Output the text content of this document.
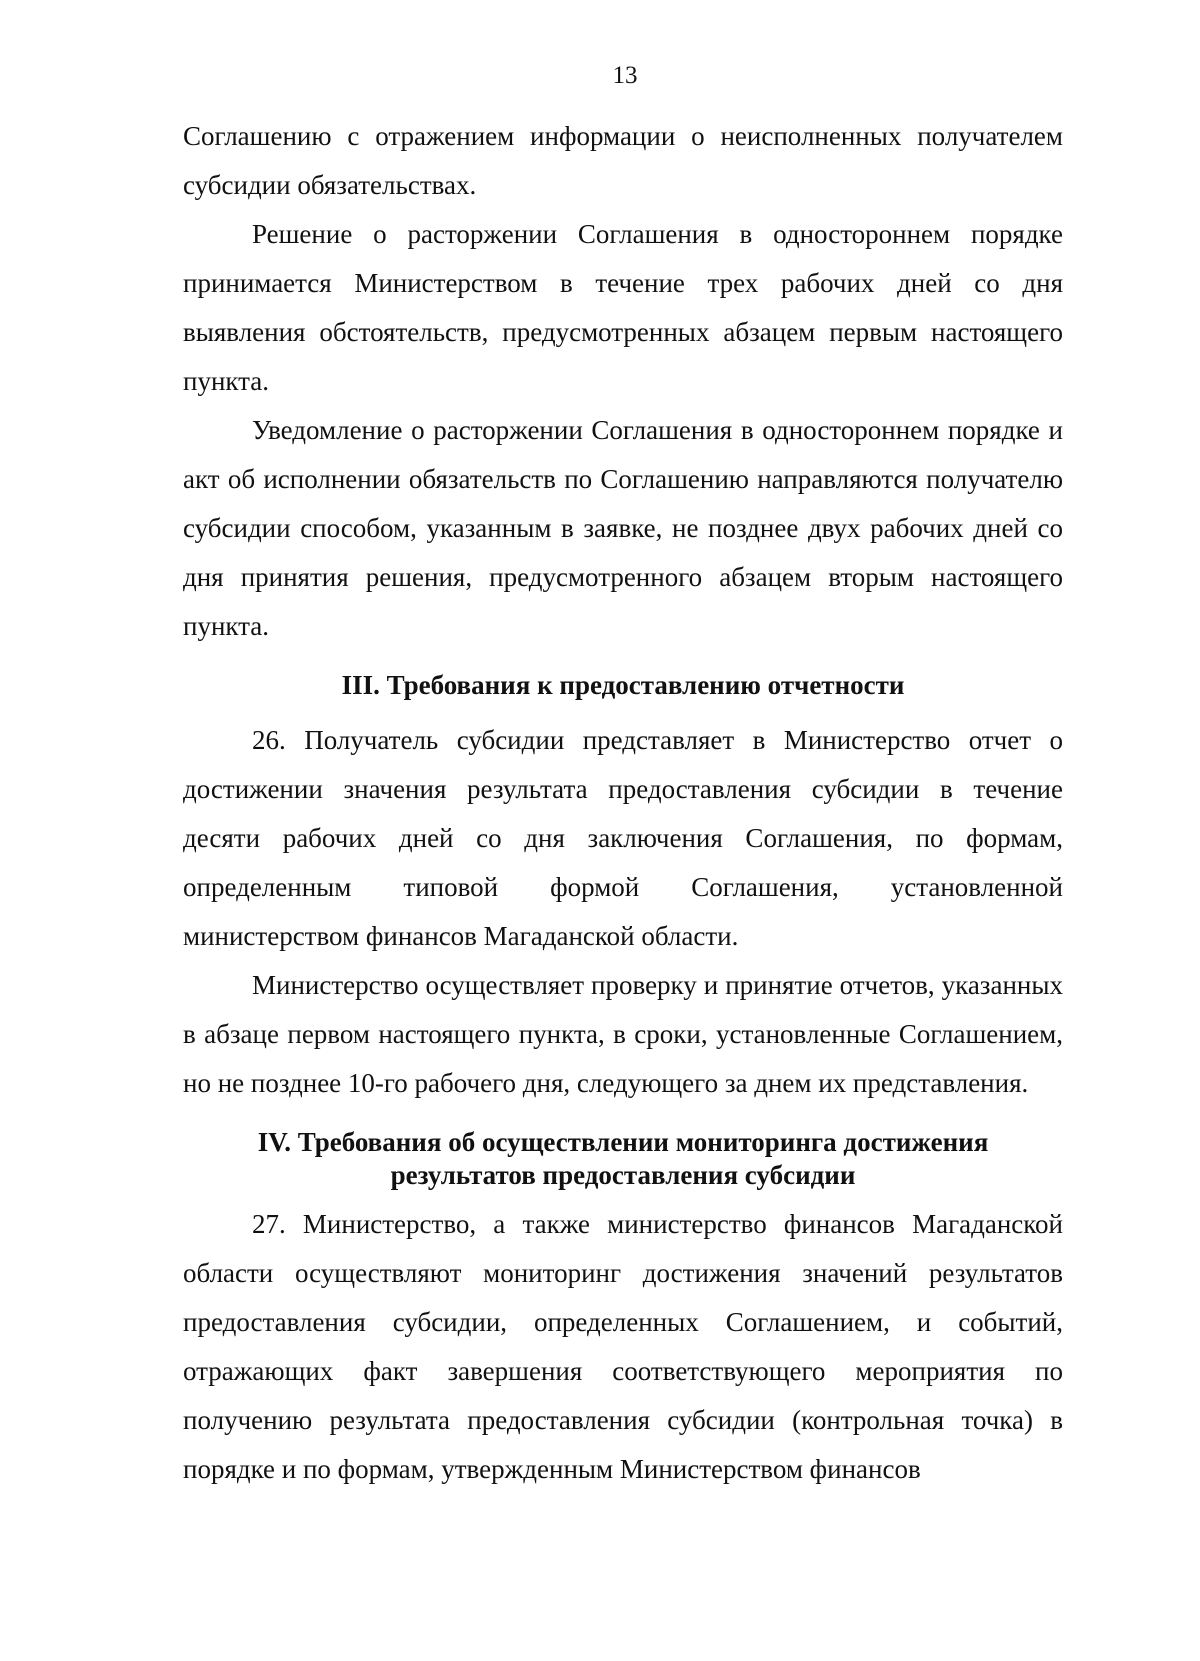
13

Соглашению с отражением информации о неисполненных получателем субсидии обязательствах.

Решение о расторжении Соглашения в одностороннем порядке принимается Министерством в течение трех рабочих дней со дня выявления обстоятельств, предусмотренных абзацем первым настоящего пункта.

Уведомление о расторжении Соглашения в одностороннем порядке и акт об исполнении обязательств по Соглашению направляются получателю субсидии способом, указанным в заявке, не позднее двух рабочих дней со дня принятия решения, предусмотренного абзацем вторым настоящего пункта.

III. Требования к предоставлению отчетности

26. Получатель субсидии представляет в Министерство отчет о достижении значения результата предоставления субсидии в течение десяти рабочих дней со дня заключения Соглашения, по формам, определенным типовой формой Соглашения, установленной министерством финансов Магаданской области.

Министерство осуществляет проверку и принятие отчетов, указанных в абзаце первом настоящего пункта, в сроки, установленные Соглашением, но не позднее 10-го рабочего дня, следующего за днем их представления.

IV. Требования об осуществлении мониторинга достижения
результатов предоставления субсидии

27. Министерство, а также министерство финансов Магаданской области осуществляют мониторинг достижения значений результатов предоставления субсидии, определенных Соглашением, и событий, отражающих факт завершения соответствующего мероприятия по получению результата предоставления субсидии (контрольная точка) в порядке и по формам, утвержденным Министерством финансов
